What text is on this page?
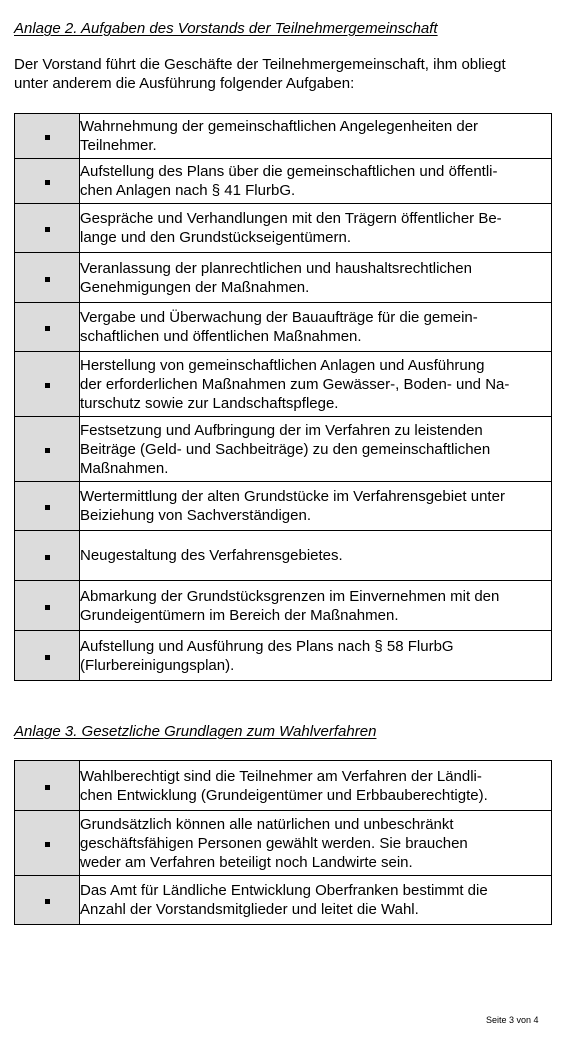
Anlage 2. Aufgaben des Vorstands der Teilnehmergemeinschaft
Der Vorstand führt die Geschäfte der Teilnehmergemeinschaft, ihm obliegt
unter anderem die Ausführung folgender Aufgaben:

	Wahrnehmung der gemeinschaftlichen Angelegenheiten der
Teilnehmer.

	Aufstellung des Plans über die gemeinschaftlichen und öffentli-
chen Anlagen nach § 41 FlurbG.

	Gespräche und Verhandlungen mit den Trägern öffentlicher Be-
lange und den Grundstückseigentümern.

	Veranlassung der planrechtlichen und haushaltsrechtlichen
Genehmigungen der Maßnahmen.

	Vergabe und Überwachung der Bauaufträge für die gemein-
schaftlichen und öffentlichen Maßnahmen.

	Herstellung von gemeinschaftlichen Anlagen und Ausführung
der erforderlichen Maßnahmen zum Gewässer-, Boden- und Na-
turschutz sowie zur Landschaftspflege.

	Festsetzung und Aufbringung der im Verfahren zu leistenden
Beiträge (Geld- und Sachbeiträge) zu den gemeinschaftlichen
Maßnahmen.

	Wertermittlung der alten Grundstücke im Verfahrensgebiet unter
Beiziehung von Sachverständigen.

	Neugestaltung des Verfahrensgebietes.

	Abmarkung der Grundstücksgrenzen im Einvernehmen mit den
Grundeigentümern im Bereich der Maßnahmen.

	Aufstellung und Ausführung des Plans nach § 58 FlurbG
(Flurbereinigungsplan).
Anlage 3. Gesetzliche Grundlagen zum Wahlverfahren

	Wahlberechtigt sind die Teilnehmer am Verfahren der Ländli-
chen Entwicklung (Grundeigentümer und Erbbauberechtigte).

	Grundsätzlich können alle natürlichen und unbeschränkt
geschäftsfähigen Personen gewählt werden. Sie brauchen
weder am Verfahren beteiligt noch Landwirte sein.

	Das Amt für Ländliche Entwicklung Oberfranken bestimmt die
Anzahl der Vorstandsmitglieder und leitet die Wahl.
Seite 3 von 4
